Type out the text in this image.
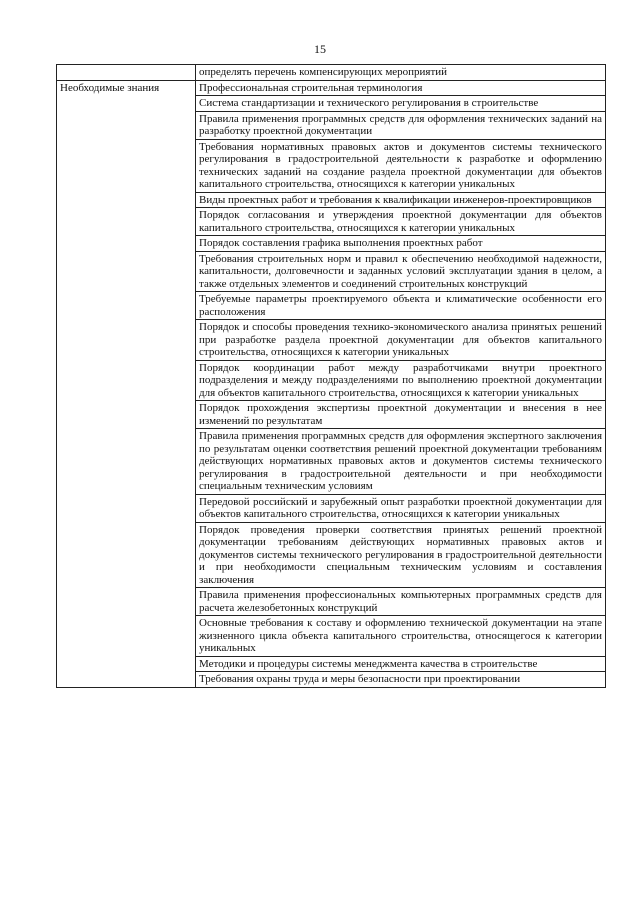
15
	определять перечень компенсирующих мероприятий
Необходимые знания	Профессиональная строительная терминология
	Система стандартизации и технического регулирования в строительстве
	Правила применения программных средств для оформления технических заданий на разработку проектной документации
	Требования нормативных правовых актов и документов системы технического регулирования в градостроительной деятельности к разработке и оформлению технических заданий на создание раздела проектной документации для объектов капитального строительства, относящихся к категории уникальных
	Виды проектных работ и требования к квалификации инженеров-проектировщиков
	Порядок согласования и утверждения проектной документации для объектов капитального строительства, относящихся к категории уникальных
	Порядок составления графика выполнения проектных работ
	Требования строительных норм и правил к обеспечению необходимой надежности, капитальности, долговечности и заданных условий эксплуатации здания в целом, а также отдельных элементов и соединений строительных конструкций
	Требуемые параметры проектируемого объекта и климатические особенности его расположения
	Порядок и способы проведения технико-экономического анализа принятых решений при разработке раздела проектной документации для объектов капитального строительства, относящихся к категории уникальных
	Порядок координации работ между разработчиками внутри проектного подразделения и между подразделениями по выполнению проектной документации для объектов капитального строительства, относящихся к категории уникальных
	Порядок прохождения экспертизы проектной документации и внесения в нее изменений по результатам
	Правила применения программных средств для оформления экспертного заключения по результатам оценки соответствия решений проектной документации требованиям действующих нормативных правовых актов и документов системы технического регулирования в градостроительной деятельности и при необходимости специальным техническим условиям
	Передовой российский и зарубежный опыт разработки проектной документации для объектов капитального строительства, относящихся к категории уникальных
	Порядок проведения проверки соответствия принятых решений проектной документации требованиям действующих нормативных правовых актов и документов системы технического регулирования в градостроительной деятельности и при необходимости специальным техническим условиям и составления заключения
	Правила применения профессиональных компьютерных программных средств для расчета железобетонных конструкций
	Основные требования к составу и оформлению технической документации на этапе жизненного цикла объекта капитального строительства, относящегося к категории уникальных
	Методики и процедуры системы менеджмента качества в строительстве
	Требования охраны труда и меры безопасности при проектировании
